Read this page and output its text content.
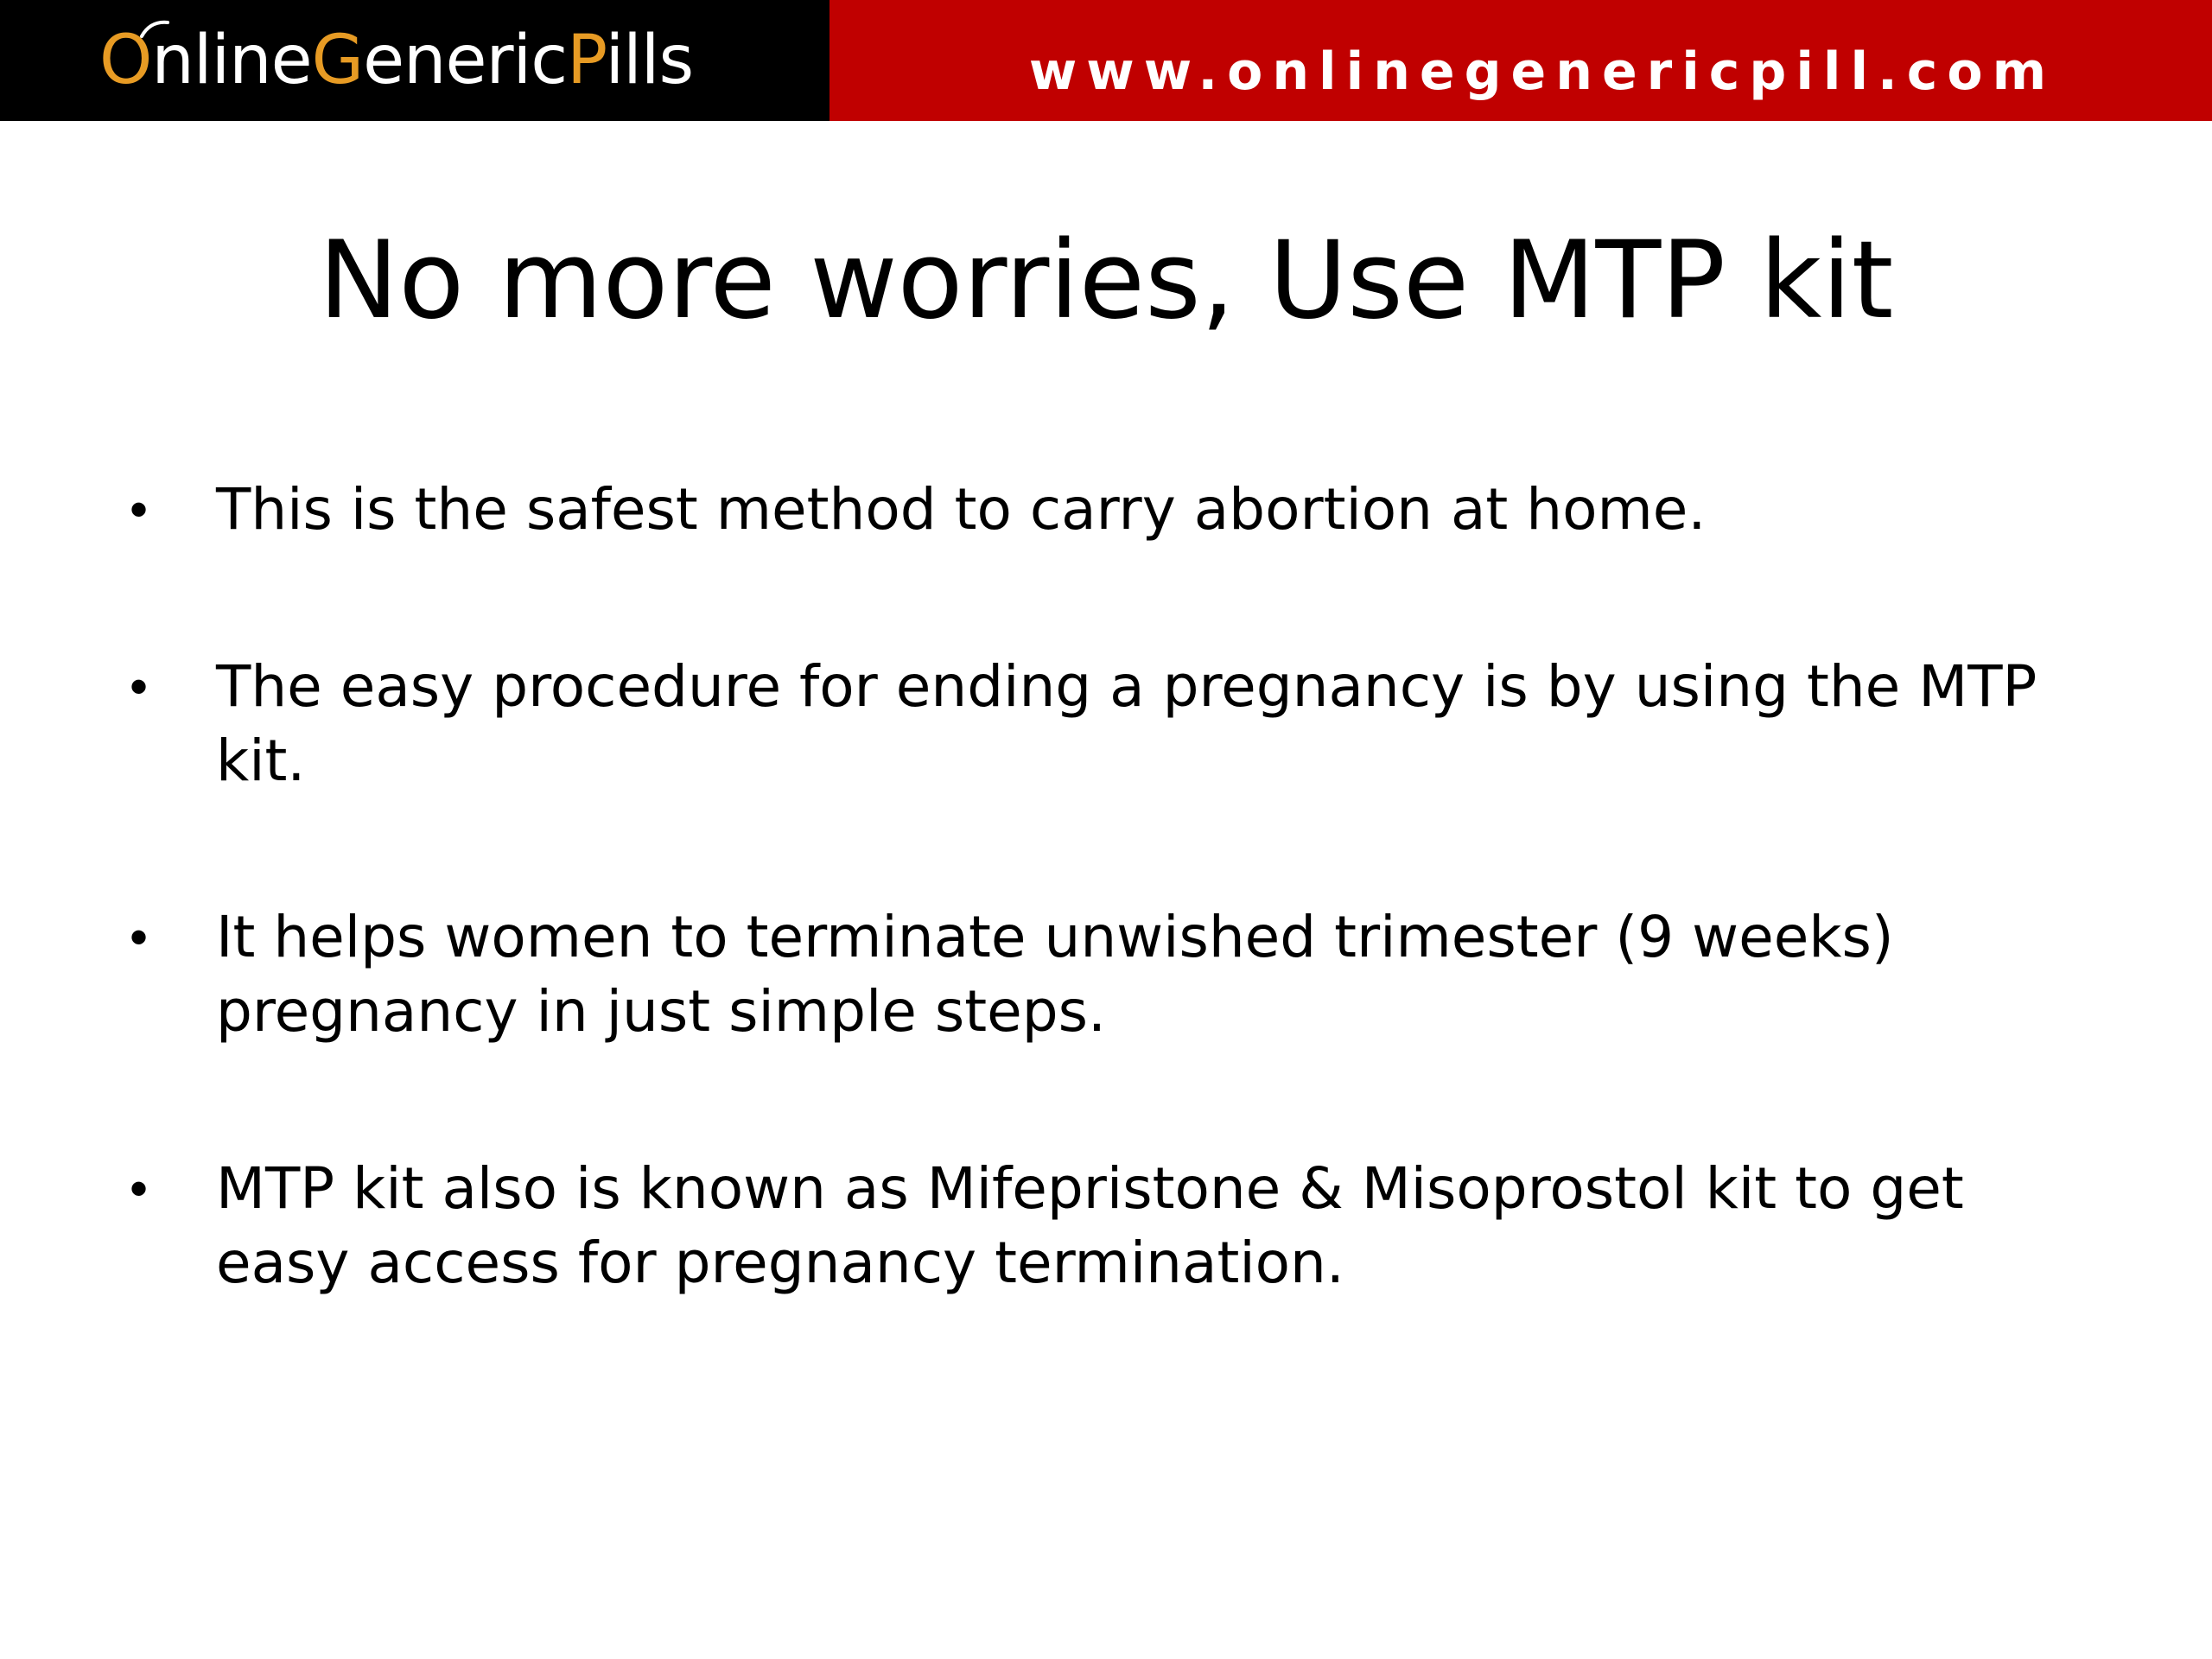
OnlineGenericPills	www.onlinegenericpill.com
No more worries, Use MTP kit
• This is the safest method to carry abortion at home.
• The easy procedure for ending a pregnancy is by using the MTP kit.
• It helps women to terminate unwished trimester (9 weeks) pregnancy in just simple steps.
• MTP kit also is known as Mifepristone & Misoprostol kit to get easy access for pregnancy termination.
